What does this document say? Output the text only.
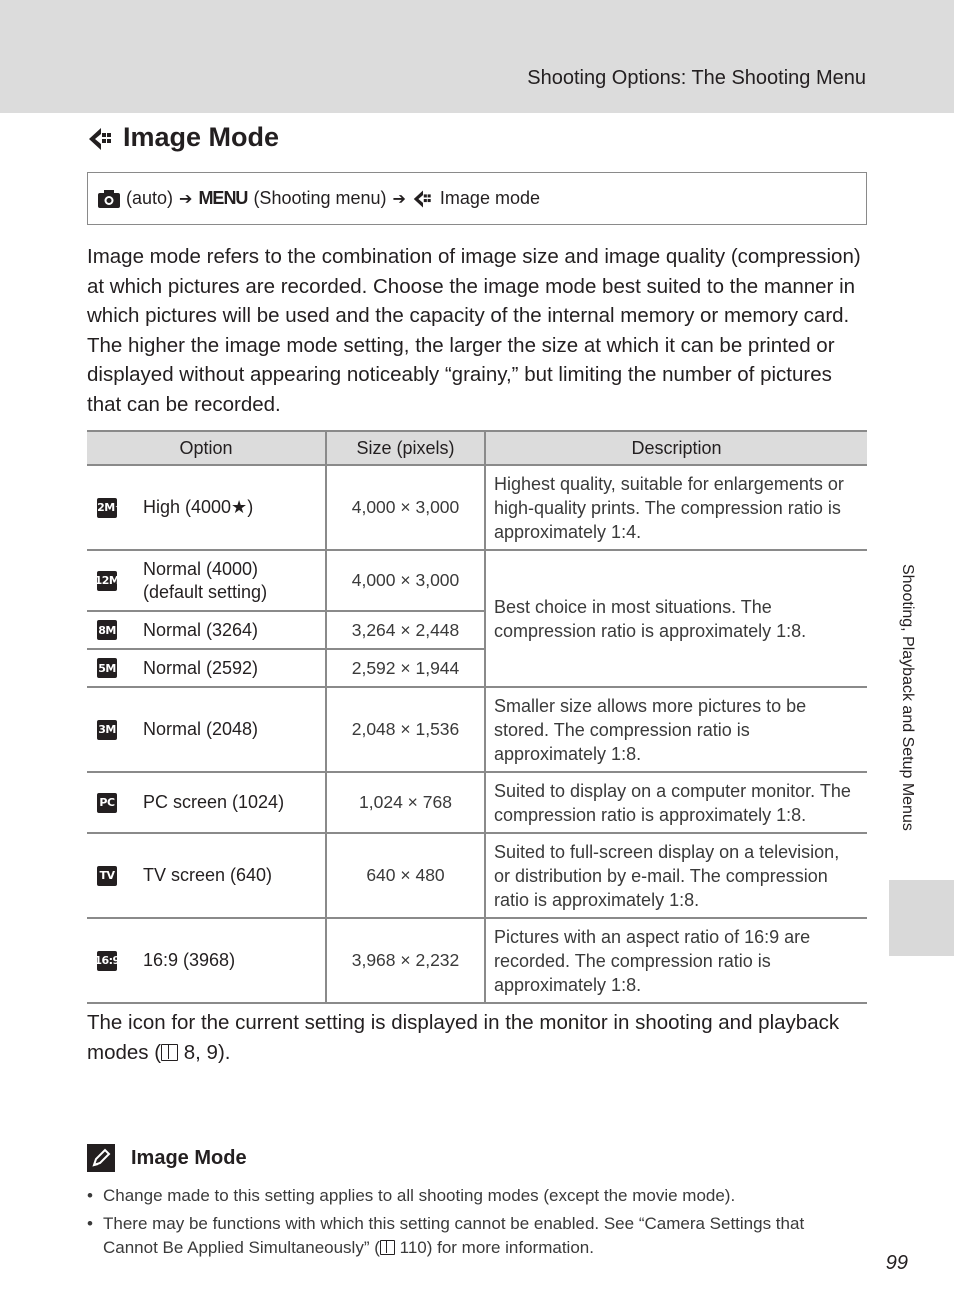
Shooting Options: The Shooting Menu
Image Mode
(auto) ➔ MENU (Shooting menu) ➔ Image mode

Image mode refers to the combination of image size and image quality (compression) at which pictures are recorded. Choose the image mode best suited to the manner in which pictures will be used and the capacity of the internal memory or memory card. The higher the image mode setting, the larger the size at which it can be printed or displayed without appearing noticeably “grainy,” but limiting the number of pictures that can be recorded.

Option	Size (pixels)	Description

12M★ High (4000★)	4,000 × 3,000	Highest quality, suitable for enlargements or high-quality prints. The compression ratio is approximately 1:4.

12M
Normal (4000)
(default setting)	4,000 × 3,000	Best choice in most situations. The compression ratio is approximately 1:8.

8M Normal (3264)	3,264 × 2,448	

5M Normal (2592)	2,592 × 1,944	

3M Normal (2048)	2,048 × 1,536	Smaller size allows more pictures to be stored. The compression ratio is approximately 1:8.

PC PC screen (1024)	1,024 × 768	Suited to display on a computer monitor. The compression ratio is approximately 1:8.

TV TV screen (640)	640 × 480	Suited to full-screen display on a television, or distribution by e-mail. The compression ratio is approximately 1:8.

16:9 16:9 (3968)	3,968 × 2,232	Pictures with an aspect ratio of 16:9 are recorded. The compression ratio is approximately 1:8.

The icon for the current setting is displayed in the monitor in shooting and playback modes ( 8, 9).

Image Mode
• Change made to this setting applies to all shooting modes (except the movie mode).
• There may be functions with which this setting cannot be enabled. See “Camera Settings that Cannot Be Applied Simultaneously” ( 110) for more information.
Shooting, Playback and Setup Menus
99
